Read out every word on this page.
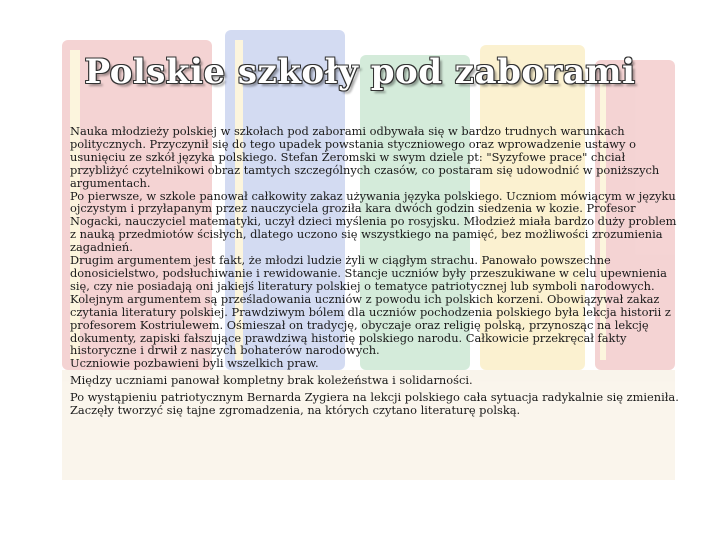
Polskie szkoły pod zaborami

Nauka młodzieży polskiej w szkołach pod zaborami odbywała się w bardzo trudnych warunkach politycznych. Przyczynił się do tego upadek powstania styczniowego oraz wprowadzenie ustawy o usunięciu ze szkół języka polskiego. Stefan Żeromski w swym dziele pt: "Syzyfowe prace" chciał przybliżyć czytelnikowi obraz tamtych szczególnych czasów, co postaram się udowodnić w poniższych argumentach.

Po pierwsze, w szkole panował całkowity zakaz używania języka polskiego. Uczniom mówiącym w języku ojczystym i przyłapanym przez nauczyciela groziła kara dwóch godzin siedzenia w kozie. Profesor Nogacki, nauczyciel matematyki, uczył dzieci myślenia po rosyjsku. Młodzież miała bardzo duży problem z nauką przedmiotów ścisłych, dlatego uczono się wszystkiego na pamięć, bez możliwości zrozumienia zagadnień.

Drugim argumentem jest fakt, że młodzi ludzie żyli w ciągłym strachu. Panowało powszechne donosicielstwo, podsłuchiwanie i rewidowanie. Stancje uczniów były przeszukiwane w celu upewnienia się, czy nie posiadają oni jakiejś literatury polskiej o tematyce patriotycznej lub symboli narodowych.

Kolejnym argumentem są prześladowania uczniów z powodu ich polskich korzeni. Obowiązywał zakaz czytania literatury polskiej. Prawdziwym bólem dla uczniów pochodzenia polskiego była lekcja historii z profesorem Kostriulewem. Ośmieszał on tradycję, obyczaje oraz religię polską, przynosząc na lekcję dokumenty, zapiski fałszujące prawdziwą historię polskiego narodu. Całkowicie przekręcał fakty historyczne i drwił z naszych bohaterów narodowych.

Uczniowie pozbawieni byli wszelkich praw.

Między uczniami panował kompletny brak koleżeństwa i solidarności.

Po wystąpieniu patriotycznym Bernarda Zygiera na lekcji polskiego cała sytuacja radykalnie się zmieniła. Zaczęły tworzyć się tajne zgromadzenia, na których czytano literaturę polską.
